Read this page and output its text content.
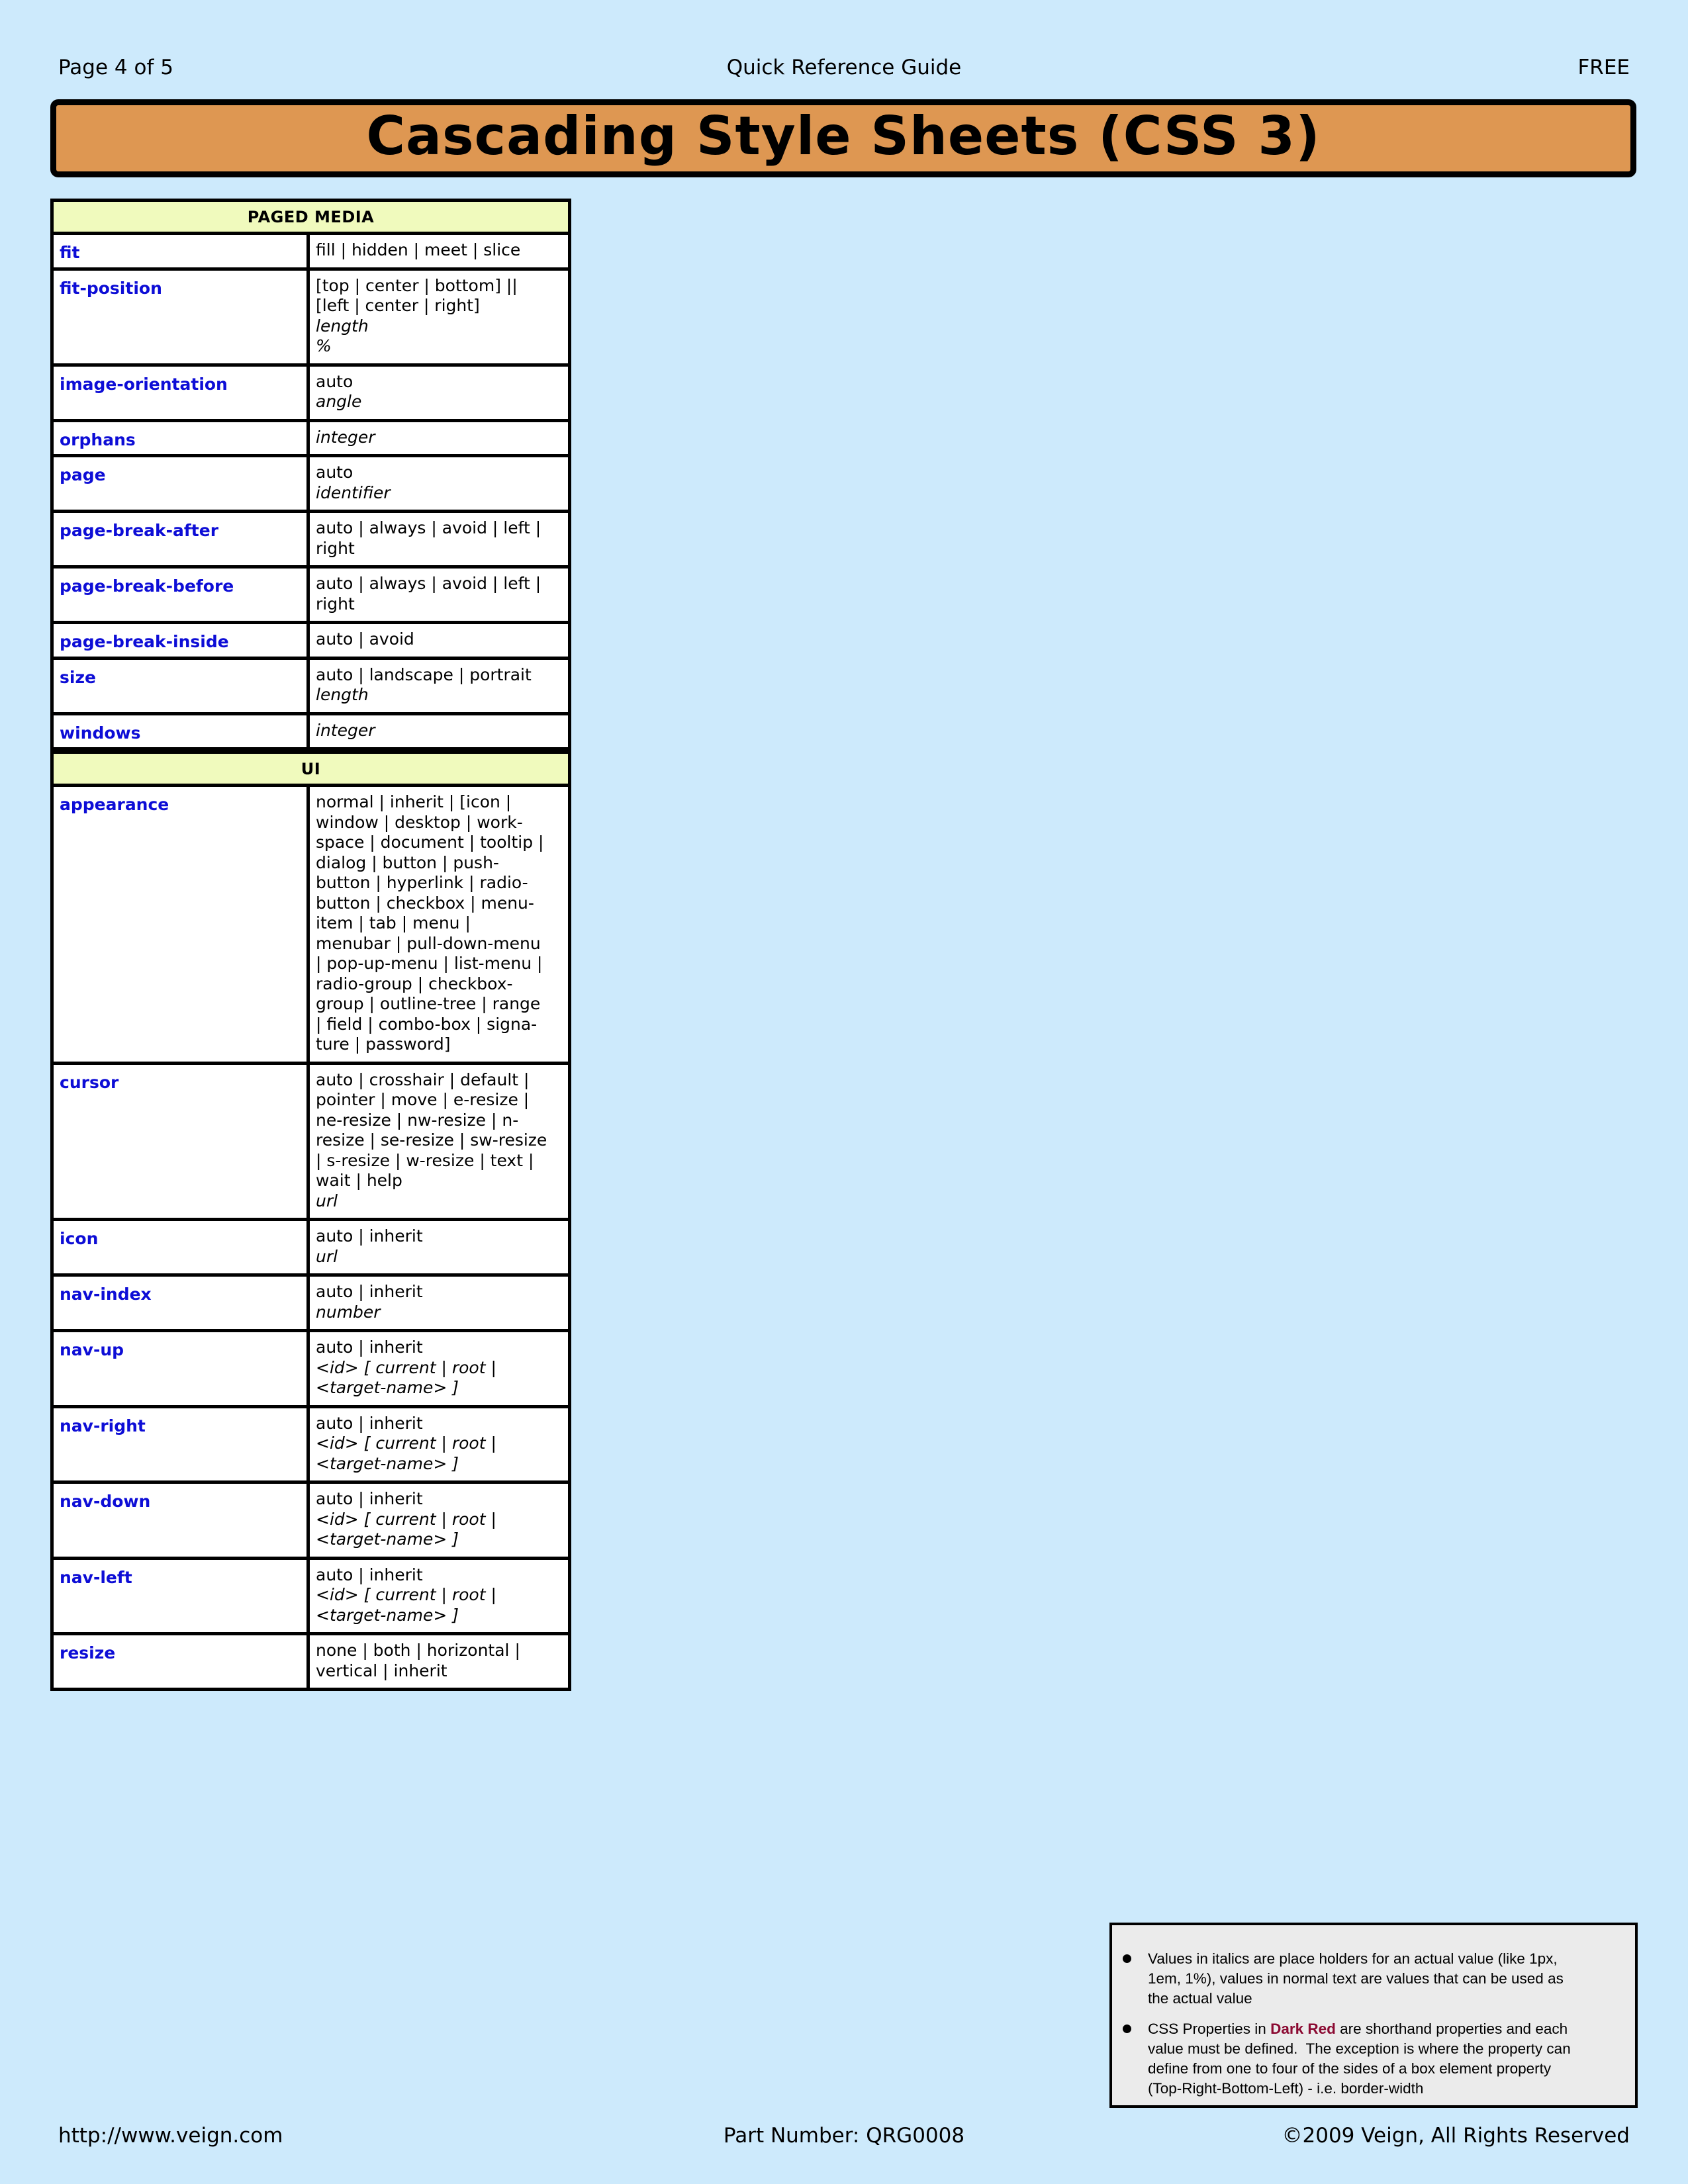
Page 4 of 5	Quick Reference Guide	FREE
Cascading Style Sheets (CSS 3)
PAGED MEDIA	
fit	fill | hidden | meet | slice

fit-position	[top | center | bottom] ||
[left | center | right]
length
%

image-orientation	auto
angle

orphans	integer

page	auto
identifier

page-break-after	auto | always | avoid | left |
right

page-break-before	auto | always | avoid | left |
right

page-break-inside	auto | avoid

size	auto | landscape | portrait
length

windows	integer

UI	
appearance	normal | inherit | [icon |
window | desktop | work-
space | document | tooltip |
dialog | button | push-
button | hyperlink | radio-
button | checkbox | menu-
item | tab | menu |
menubar | pull-down-menu
| pop-up-menu | list-menu |
radio-group | checkbox-
group | outline-tree | range
| field | combo-box | signa-
ture | password]

cursor	auto | crosshair | default |
pointer | move | e-resize |
ne-resize | nw-resize | n-
resize | se-resize | sw-resize
| s-resize | w-resize | text |
wait | help
url

icon	auto | inherit
url

nav-index	auto | inherit
number

nav-up	auto | inherit
<id> [ current | root |
<target-name> ]

nav-right	auto | inherit
<id> [ current | root |
<target-name> ]

nav-down	auto | inherit
<id> [ current | root |
<target-name> ]

nav-left	auto | inherit
<id> [ current | root |
<target-name> ]

resize	none | both | horizontal |
vertical | inherit
Values in italics are place holders for an actual value (like 1px,
1em, 1%), values in normal text are values that can be used as
the actual value
CSS Properties in Dark Red are shorthand properties and each
value must be defined.  The exception is where the property can
define from one to four of the sides of a box element property
(Top-Right-Bottom-Left) - i.e. border-width
http://www.veign.com	Part Number: QRG0008	©2009 Veign, All Rights Reserved
